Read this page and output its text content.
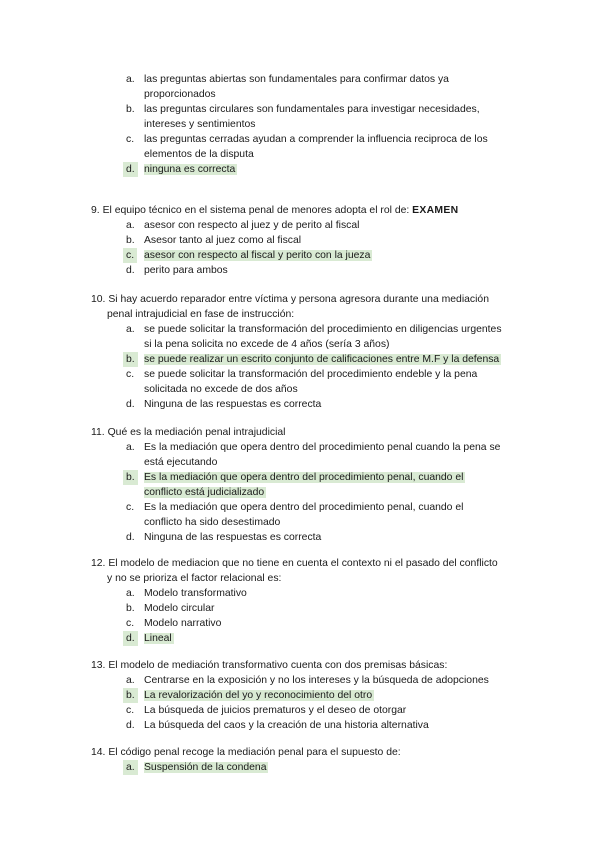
a. las preguntas abiertas son fundamentales para confirmar datos ya
proporcionados
b. las preguntas circulares son fundamentales para investigar necesidades,
intereses y sentimientos
c. las preguntas cerradas ayudan a comprender la influencia reciproca de los
elementos de la disputa
d. ninguna es correcta
9. El equipo técnico en el sistema penal de menores adopta el rol de: EXAMEN
a. asesor con respecto al juez y de perito al fiscal
b. Asesor tanto al juez como al fiscal
c. asesor con respecto al fiscal y perito con la jueza
d. perito para ambos
10. Si hay acuerdo reparador entre víctima y persona agresora durante una mediación
penal intrajudicial en fase de instrucción:
a. se puede solicitar la transformación del procedimiento en diligencias urgentes
si la pena solicita no excede de 4 años (sería 3 años)
b. se puede realizar un escrito conjunto de calificaciones entre M.F y la defensa
c. se puede solicitar la transformación del procedimiento endeble y la pena
solicitada no excede de dos años
d. Ninguna de las respuestas es correcta
11. Qué es la mediación penal intrajudicial
a. Es la mediación que opera dentro del procedimiento penal cuando la pena se
está ejecutando
b. Es la mediación que opera dentro del procedimiento penal, cuando el
conflicto está judicializado
c. Es la mediación que opera dentro del procedimiento penal, cuando el
conflicto ha sido desestimado
d. Ninguna de las respuestas es correcta
12. El modelo de mediacion que no tiene en cuenta el contexto ni el pasado del conflicto
y no se prioriza el factor relacional es:
a. Modelo transformativo
b. Modelo circular
c. Modelo narrativo
d. Lineal
13. El modelo de mediación transformativo cuenta con dos premisas básicas:
a. Centrarse en la exposición y no los intereses y la búsqueda de adopciones
b. La revalorización del yo y reconocimiento del otro
c. La búsqueda de juicios prematuros y el deseo de otorgar
d. La búsqueda del caos y la creación de una historia alternativa
14. El código penal recoge la mediación penal para el supuesto de:
a. Suspensión de la condena
